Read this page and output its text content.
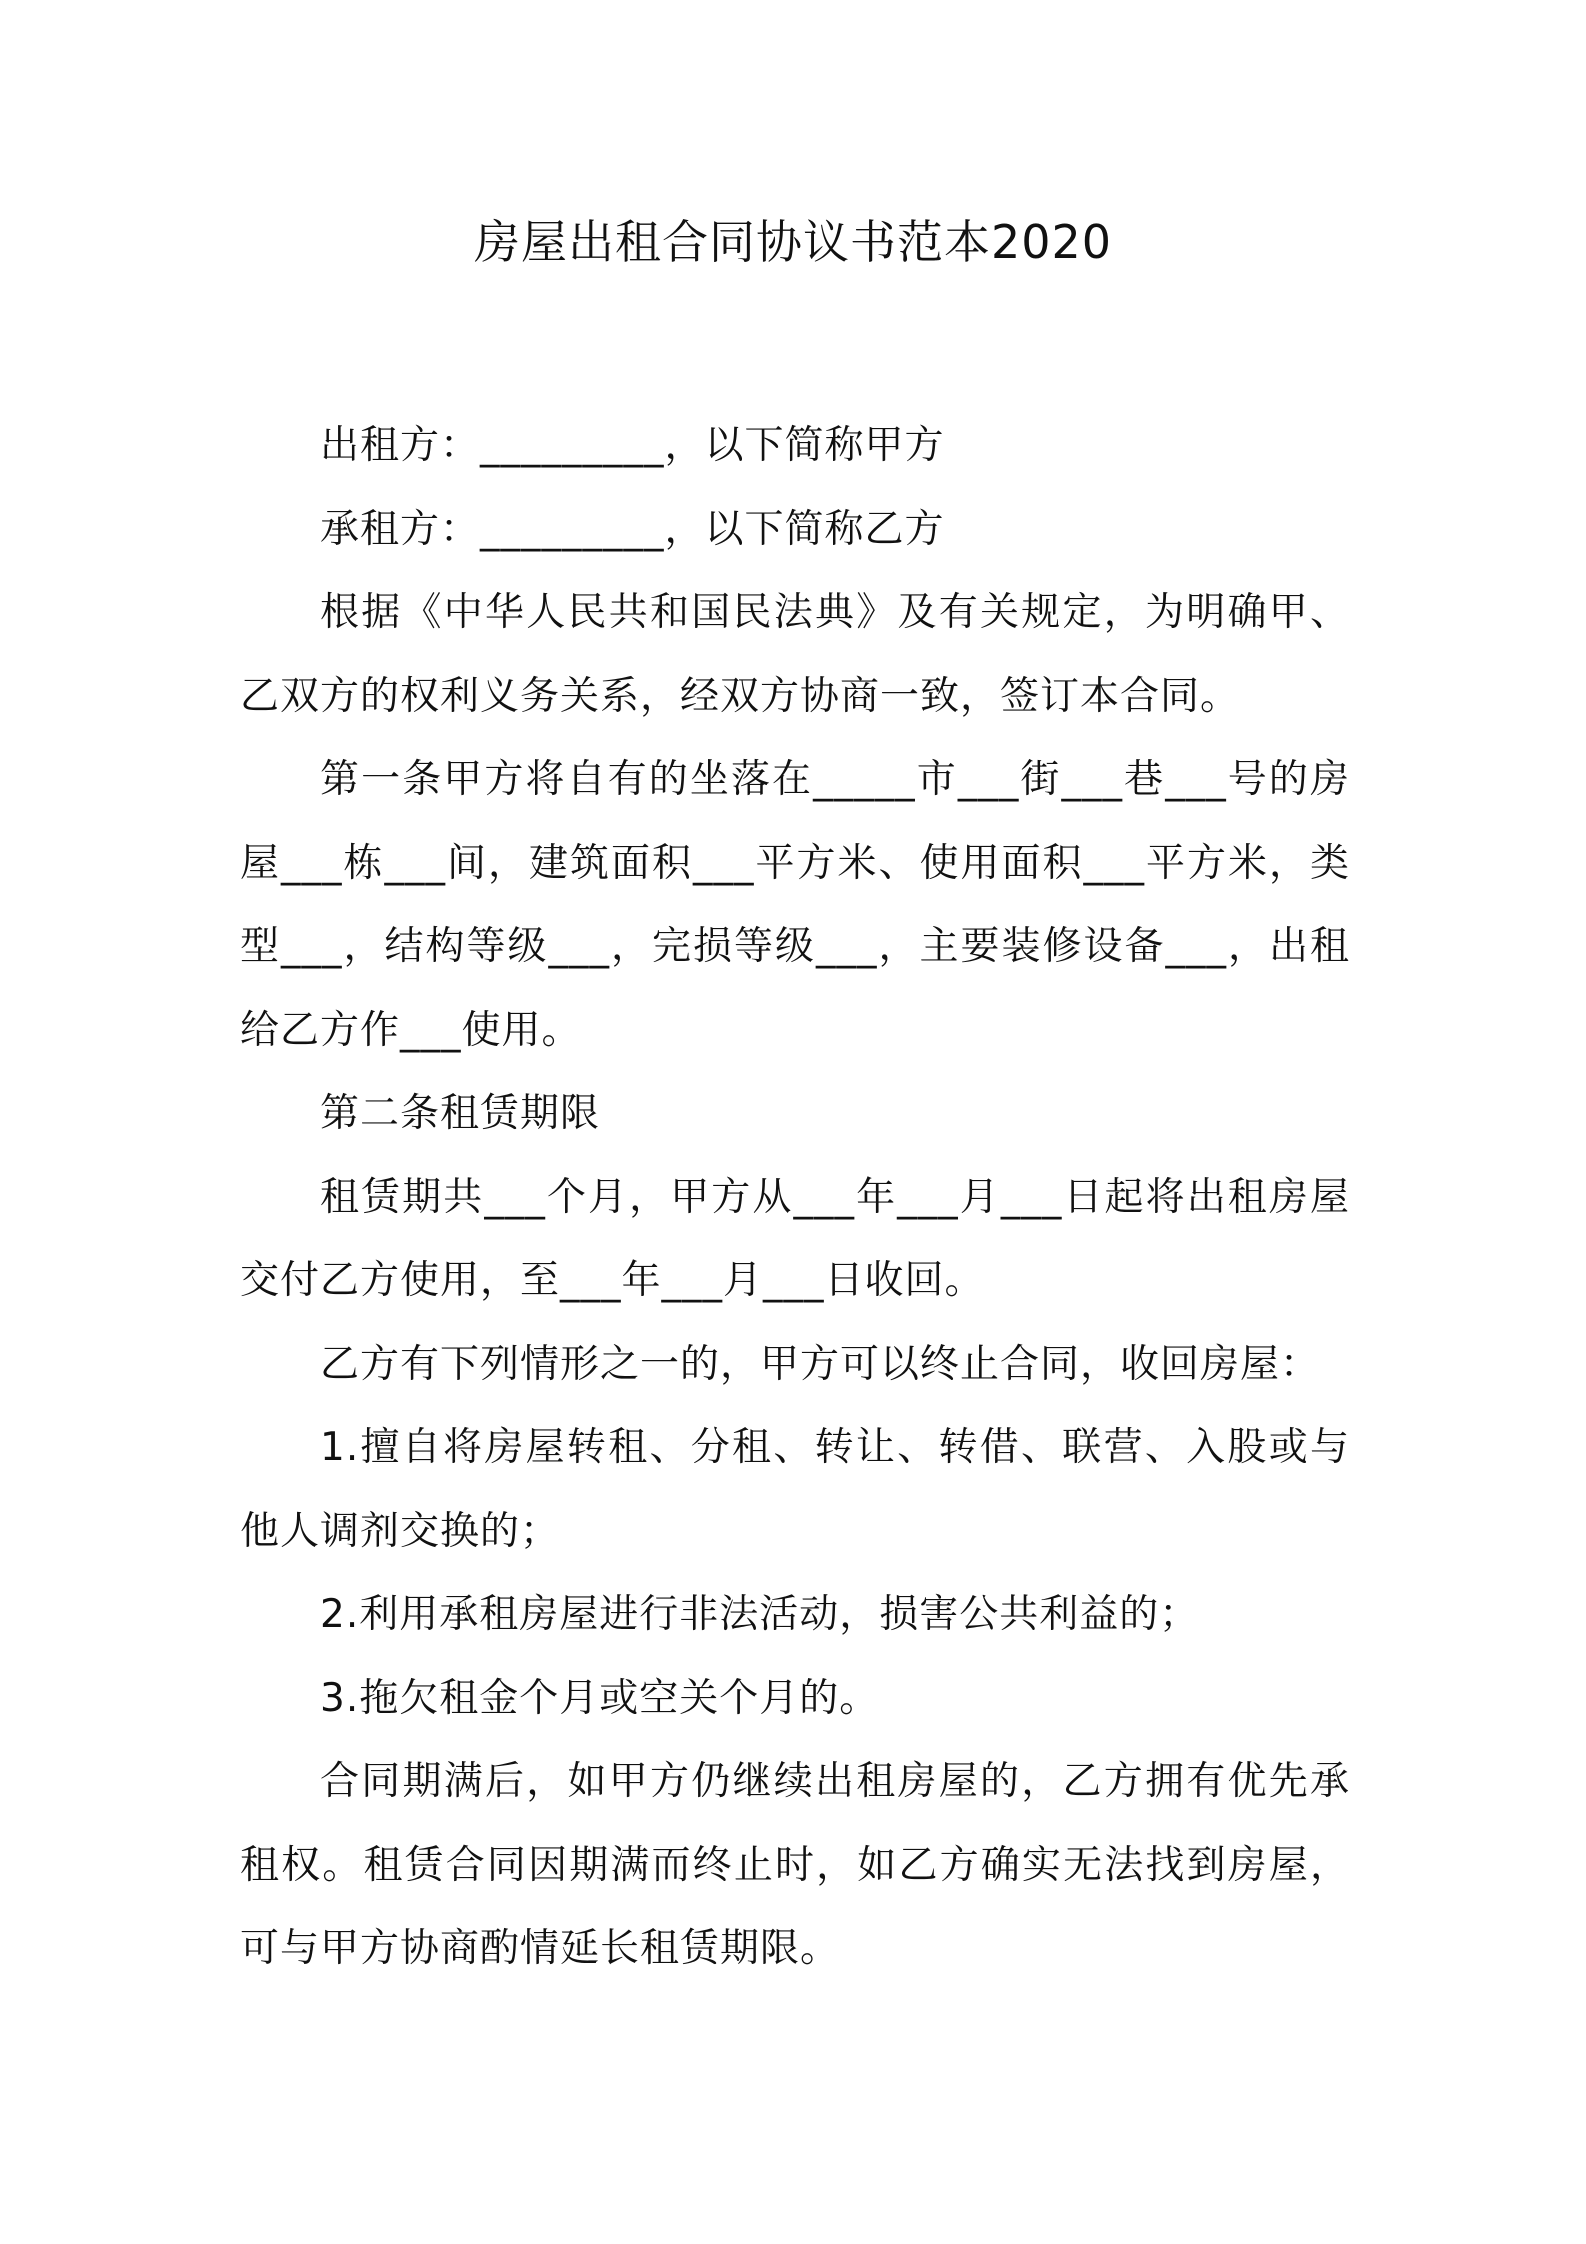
房屋出租合同协议书范本2020

出租方：_________，以下简称甲方

承租方：_________，以下简称乙方

根据《中华人民共和国民法典》及有关规定，为明确甲、乙双方的权利义务关系，经双方协商一致，签订本合同。

第一条甲方将自有的坐落在_____市___街___巷___号的房屋___栋___间，建筑面积___平方米、使用面积___平方米，类型___，结构等级___，完损等级___，主要装修设备___，出租给乙方作___使用。

第二条租赁期限

租赁期共___个月，甲方从___年___月___日起将出租房屋交付乙方使用，至___年___月___日收回。

乙方有下列情形之一的，甲方可以终止合同，收回房屋：

1.擅自将房屋转租、分租、转让、转借、联营、入股或与他人调剂交换的；

2.利用承租房屋进行非法活动，损害公共利益的；

3.拖欠租金个月或空关个月的。

合同期满后，如甲方仍继续出租房屋的，乙方拥有优先承租权。租赁合同因期满而终止时，如乙方确实无法找到房屋，可与甲方协商酌情延长租赁期限。
